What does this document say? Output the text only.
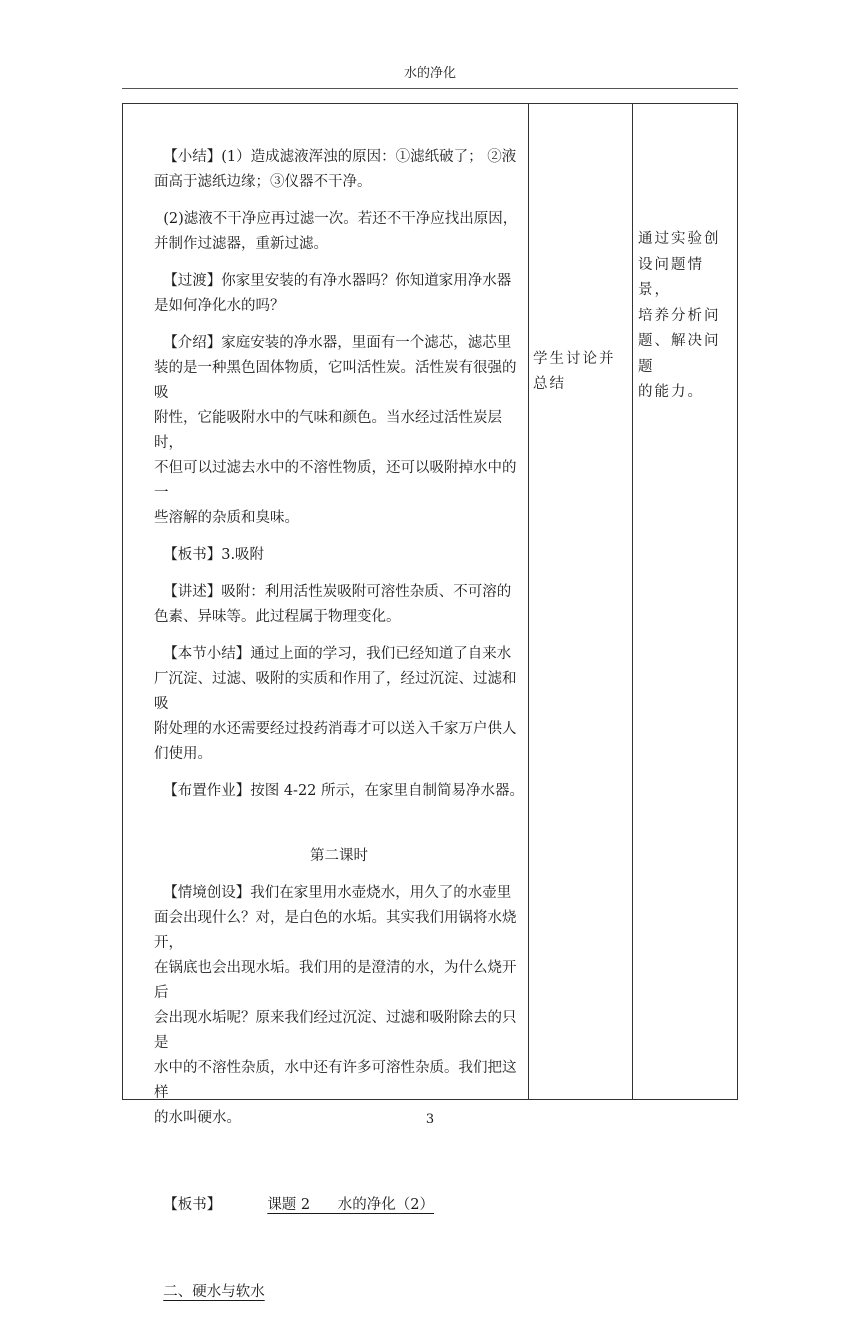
水的净化

【小结】(1）造成滤液浑浊的原因：①滤纸破了； ②液

面高于滤纸边缘；③仪器不干净。

(2)滤液不干净应再过滤一次。若还不干净应找出原因，

并制作过滤器，重新过滤。

【过渡】你家里安装的有净水器吗？你知道家用净水器

是如何净化水的吗？

【介绍】家庭安装的净水器，里面有一个滤芯，滤芯里

装的是一种黑色固体物质，它叫活性炭。活性炭有很强的吸

附性，它能吸附水中的气味和颜色。当水经过活性炭层时，

不但可以过滤去水中的不溶性物质，还可以吸附掉水中的一

些溶解的杂质和臭味。

【板书】3.吸附

【讲述】吸附：利用活性炭吸附可溶性杂质、不可溶的

色素、异味等。此过程属于物理变化。

【本节小结】通过上面的学习，我们已经知道了自来水

厂沉淀、过滤、吸附的实质和作用了，经过沉淀、过滤和吸

附处理的水还需要经过投药消毒才可以送入千家万户供人

们使用。

【布置作业】按图 4-22 所示，在家里自制简易净水器。

第二课时

【情境创设】我们在家里用水壶烧水，用久了的水壶里

面会出现什么？对，是白色的水垢。其实我们用锅将水烧开，

在锅底也会出现水垢。我们用的是澄清的水，为什么烧开后

会出现水垢呢？原来我们经过沉淀、过滤和吸附除去的只是

水中的不溶性杂质，水中还有许多可溶性杂质。我们把这样

的水叫硬水。

【板书】	课题 2      水的净化（2）

二、硬水与软水

学生讨论并
总结
通过实验创
设问题情景，
培养分析问
题、解决问题
的能力。
3
